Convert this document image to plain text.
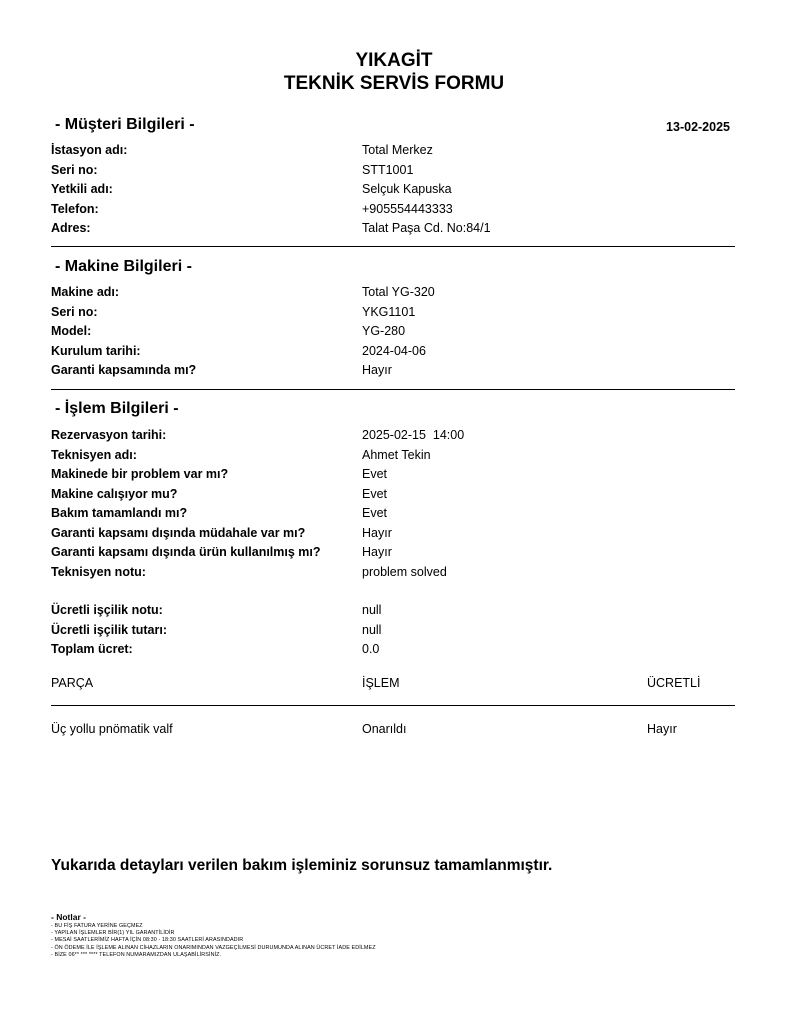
YIKAGİT
TEKNİK SERVİS FORMU
- Müşteri Bilgileri -	13-02-2025
İstasyon adı:	Total Merkez
Seri no:	STT1001
Yetkili adı:	Selçuk Kapuska
Telefon:	+905554443333
Adres:	Talat Paşa Cd. No:84/1
- Makine Bilgileri -
Makine adı:	Total YG-320
Seri no:	YKG1101
Model:	YG-280
Kurulum tarihi:	2024-04-06
Garanti kapsamında mı?	Hayır
- İşlem Bilgileri -
Rezervasyon tarihi:	2025-02-15  14:00
Teknisyen adı:	Ahmet Tekin
Makinede bir problem var mı?	Evet
Makine calışıyor mu?	Evet
Bakım tamamlandı mı?	Evet
Garanti kapsamı dışında müdahale var mı?	Hayır
Garanti kapsamı dışında ürün kullanılmış mı?	Hayır
Teknisyen notu:	problem solved
Ücretli işçilik notu:	null
Ücretli işçilik tutarı:	null
Toplam ücret:	0.0
PARÇA	İŞLEM	ÜCRETLİ
Üç yollu pnömatik valf	Onarıldı	Hayır
Yukarıda detayları verilen bakım işleminiz sorunsuz tamamlanmıştır.
- Notlar -
- BU FİŞ FATURA YERİNE GEÇMEZ
- YAPILAN İŞLEMLER BİR(1) YIL GARANTİLİDİR
- MESAİ SAATLERİMİZ HAFTA İÇİN 08:30 - 18:30 SAATLERİ ARASINDADIR
- ÖN ÖDEME İLE İŞLEME ALINAN CİHAZLARIN ONARIMINDAN VAZGEÇİLMESİ DURUMUNDA ALINAN ÜCRET İADE EDİLMEZ
- BİZE 06** *** **** TELEFON NUMARAMIZDAN ULAŞABİLİRSİNİZ.
